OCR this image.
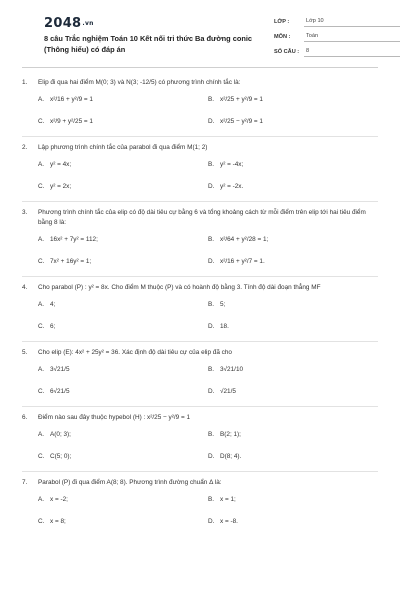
2048.vn
8 câu Trắc nghiệm Toán 10 Kết nối tri thức Ba đường conic (Thông hiểu) có đáp án
LỚP :	Lớp 10
MÔN :	Toán
SỐ CÂU :	8
1.	Elip đi qua hai điểm M(0; 3) và N(3; -12/5) có phương trình chính tắc là:
A. x²/16 + y²/9 = 1	B. x²/25 + y²/9 = 1
C. x²/9 + y²/25 = 1	D. x²/25 − y²/9 = 1
2.	Lập phương trình chính tắc của parabol đi qua điểm M(1; 2)
A. y² = 4x;	B. y² = -4x;
C. y² = 2x;	D. y² = -2x.
3.	Phương trình chính tắc của elip có độ dài tiêu cự bằng 6 và tổng khoảng cách từ mỗi điểm trên elip tới hai tiêu điểm bằng 8 là:
A. 16x² + 7y² = 112;	B. x²/64 + y²/28 = 1;
C. 7x² + 16y² = 1;	D. x²/16 + y²/7 = 1.
4.	Cho parabol (P) : y² = 8x. Cho điểm M thuộc (P) và có hoành độ bằng 3. Tính độ dài đoạn thẳng MF
A. 4;	B. 5;
C. 6;	D. 18.
5.	Cho elip (E): 4x² + 25y² = 36. Xác định độ dài tiêu cự của elip đã cho
A. 3√21/5	B. 3√21/10
C. 6√21/5	D. √21/5
6.	Điểm nào sau đây thuộc hypebol (H) : x²/25 − y²/9 = 1
A. A(0; 3);	B. B(2; 1);
C. C(5; 0);	D. D(8; 4).
7.	Parabol (P) đi qua điểm A(8; 8). Phương trình đường chuẩn Δ là:
A. x = -2;	B. x = 1;
C. x = 8;	D. x = -8.
